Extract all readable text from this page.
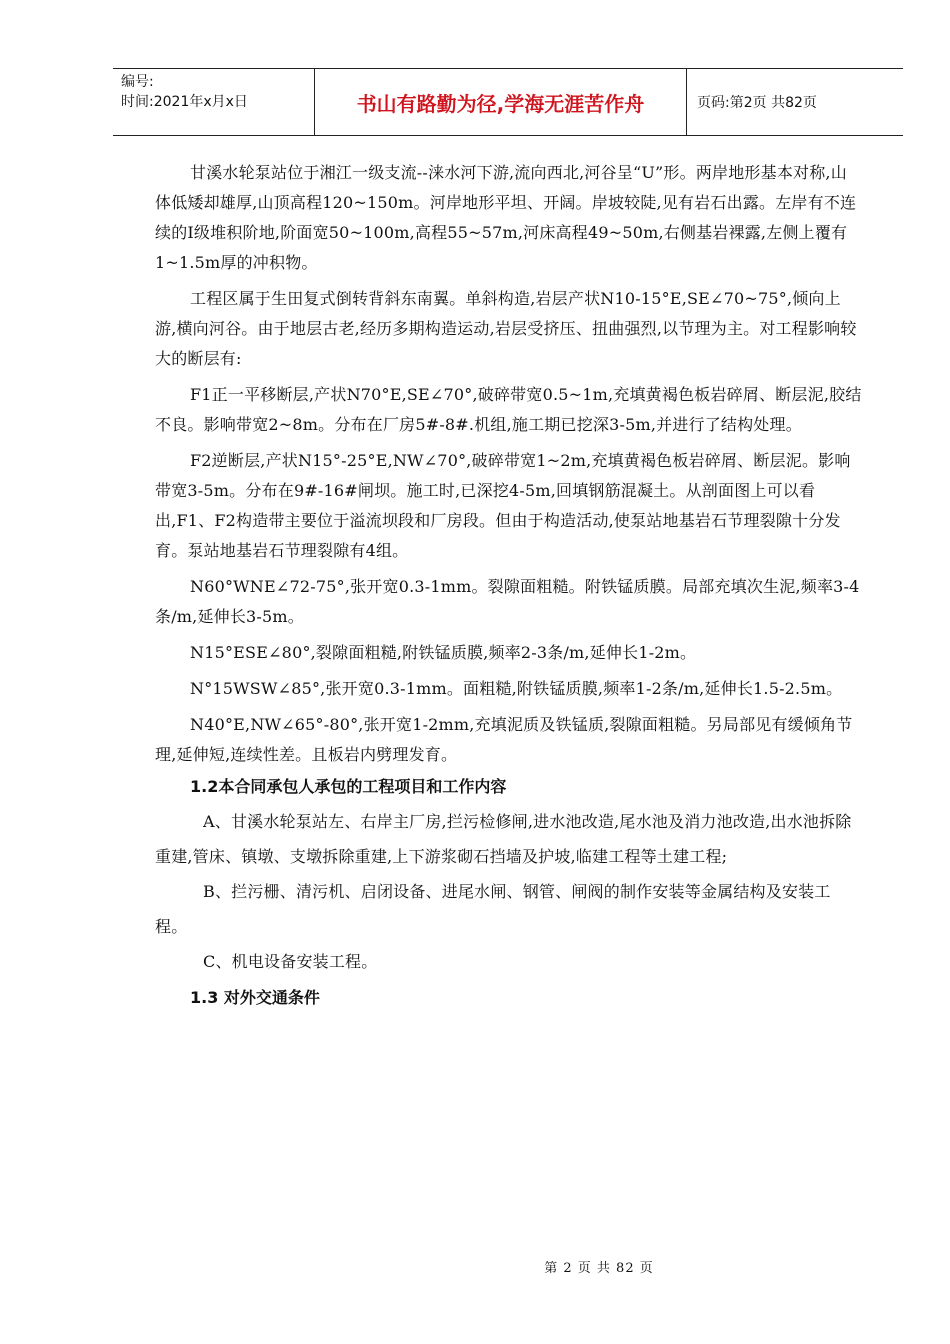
编号:
时间:2021年x月x日	书山有路勤为径,学海无涯苦作舟	页码:第2页 共82页

甘溪水轮泵站位于湘江一级支流--涞水河下游,流向西北,河谷呈“U”形。两岸地形基本对称,山体低矮却雄厚,山顶高程120~150m。河岸地形平坦、开阔。岸坡较陡,见有岩石出露。左岸有不连续的Ⅰ级堆积阶地,阶面宽50~100m,高程55~57m,河床高程49~50m,右侧基岩裸露,左侧上覆有1~1.5m厚的冲积物。

工程区属于生田复式倒转背斜东南翼。单斜构造,岩层产状N10-15°E,SE∠70~75°,倾向上游,横向河谷。由于地层古老,经历多期构造运动,岩层受挤压、扭曲强烈,以节理为主。对工程影响较大的断层有:

F1正一平移断层,产状N70°E,SE∠70°,破碎带宽0.5~1m,充填黄褐色板岩碎屑、断层泥,胶结不良。影响带宽2~8m。分布在厂房5#-8#.机组,施工期已挖深3-5m,并进行了结构处理。

F2逆断层,产状N15°-25°E,NW∠70°,破碎带宽1~2m,充填黄褐色板岩碎屑、断层泥。影响带宽3-5m。分布在9#-16#闸坝。施工时,已深挖4-5m,回填钢筋混凝土。从剖面图上可以看出,F1、F2构造带主要位于溢流坝段和厂房段。但由于构造活动,使泵站地基岩石节理裂隙十分发育。泵站地基岩石节理裂隙有4组。

N60°WNE∠72-75°,张开宽0.3-1mm。裂隙面粗糙。附铁锰质膜。局部充填次生泥,频率3-4条/m,延伸长3-5m。

N15°ESE∠80°,裂隙面粗糙,附铁锰质膜,频率2-3条/m,延伸长1-2m。

N°15WSW∠85°,张开宽0.3-1mm。面粗糙,附铁锰质膜,频率1-2条/m,延伸长1.5-2.5m。

N40°E,NW∠65°-80°,张开宽1-2mm,充填泥质及铁锰质,裂隙面粗糙。另局部见有缓倾角节理,延伸短,连续性差。且板岩内劈理发育。

1.2本合同承包人承包的工程项目和工作内容

A、甘溪水轮泵站左、右岸主厂房,拦污检修闸,进水池改造,尾水池及消力池改造,出水池拆除重建,管床、镇墩、支墩拆除重建,上下游浆砌石挡墙及护坡,临建工程等土建工程;

B、拦污栅、清污机、启闭设备、进尾水闸、钢管、闸阀的制作安装等金属结构及安装工程。

C、机电设备安装工程。

1.3 对外交通条件
第 2 页 共 82 页
